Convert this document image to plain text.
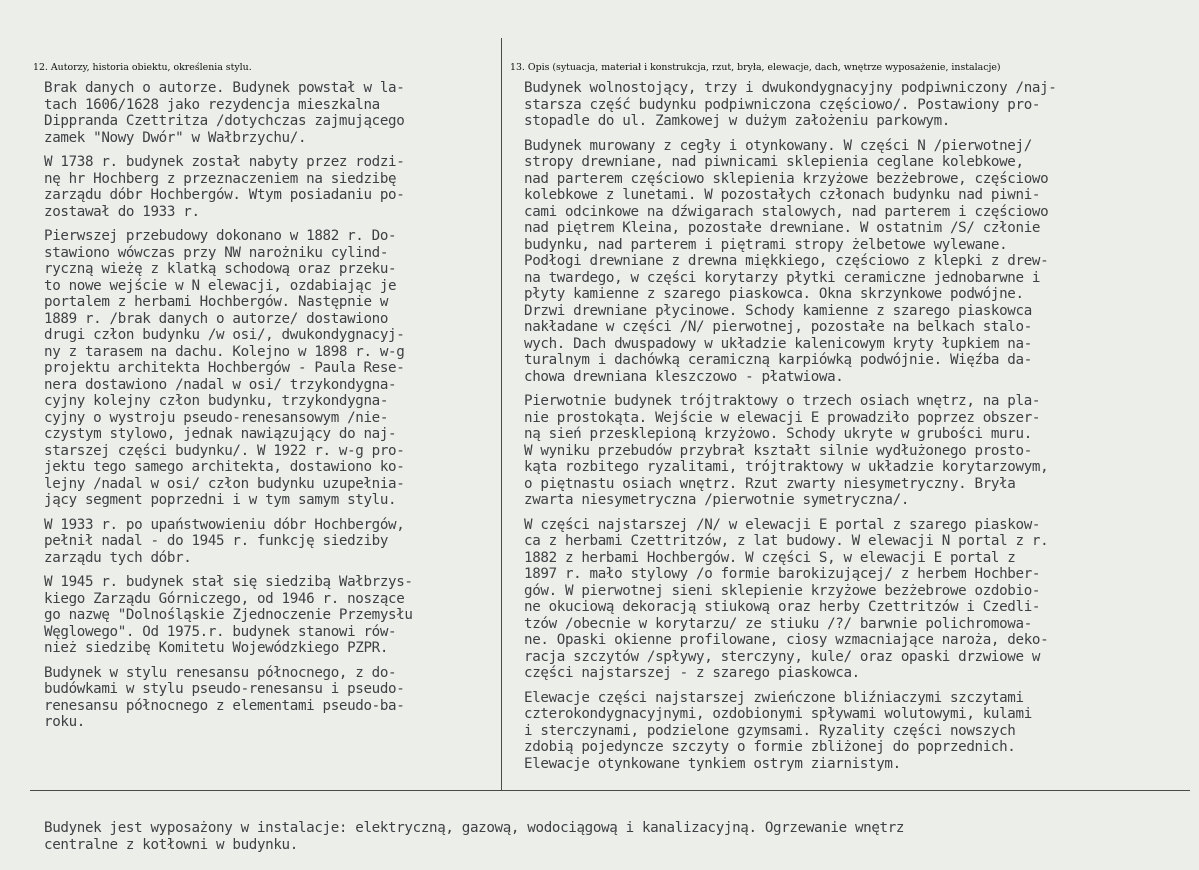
12. Autorzy, historia obiektu, określenia stylu.	13. Opis (sytuacja, materiał i konstrukcja, rzut, bryła, elewacje, dach, wnętrze wyposażenie, instalacje)
Brak danych o autorze. Budynek powstał w la-
tach 1606/1628 jako rezydencja mieszkalna
Dippranda Czettritza /dotychczas zajmującego
zamek "Nowy Dwór" w Wałbrzychu/.
W 1738 r. budynek został nabyty przez rodzi-
nę hr Hochberg z przeznaczeniem na siedzibę
zarządu dóbr Hochbergów. Wtym posiadaniu po-
zostawał do 1933 r.
Pierwszej przebudowy dokonano w 1882 r. Do-
stawiono wówczas przy NW narożniku cylind-
ryczną wieżę z klatką schodową oraz przeku-
to nowe wejście w N elewacji, ozdabiając je
portalem z herbami Hochbergów. Następnie w
1889 r. /brak danych o autorze/ dostawiono
drugi człon budynku /w osi/, dwukondygnacyj-
ny z tarasem na dachu. Kolejno w 1898 r. w-g
projektu architekta Hochbergów - Paula Rese-
nera dostawiono /nadal w osi/ trzykondygna-
cyjny kolejny człon budynku, trzykondygna-
cyjny o wystroju pseudo-renesansowym /nie-
czystym stylowo, jednak nawiązujący do naj-
starszej części budynku/. W 1922 r. w-g pro-
jektu tego samego architekta, dostawiono ko-
lejny /nadal w osi/ człon budynku uzupełnia-
jący segment poprzedni i w tym samym stylu.
W 1933 r. po upaństwowieniu dóbr Hochbergów,
pełnił nadal - do 1945 r. funkcję siedziby
zarządu tych dóbr.
W 1945 r. budynek stał się siedzibą Wałbrzys-
kiego Zarządu Górniczego, od 1946 r. noszące
go nazwę "Dolnośląskie Zjednoczenie Przemysłu
Węglowego". Od 1975.r. budynek stanowi rów-
nież siedzibę Komitetu Wojewódzkiego PZPR.
Budynek w stylu renesansu północnego, z do-
budówkami w stylu pseudo-renesansu i pseudo-
renesansu północnego z elementami pseudo-ba-
roku.
Budynek wolnostojący, trzy i dwukondygnacyjny podpiwniczony /naj-
starsza część budynku podpiwniczona częściowo/. Postawiony pro-
stopadle do ul. Zamkowej w dużym założeniu parkowym.
Budynek murowany z cegły i otynkowany. W części N /pierwotnej/
stropy drewniane, nad piwnicami sklepienia ceglane kolebkowe,
nad parterem częściowo sklepienia krzyżowe bezżebrowe, częściowo
kolebkowe z lunetami. W pozostałych członach budynku nad piwni-
cami odcinkowe na dźwigarach stalowych, nad parterem i częściowo
nad piętrem Kleina, pozostałe drewniane. W ostatnim /S/ członie
budynku, nad parterem i piętrami stropy żelbetowe wylewane.
Podłogi drewniane z drewna miękkiego, częściowo z klepki z drew-
na twardego, w części korytarzy płytki ceramiczne jednobarwne i
płyty kamienne z szarego piaskowca. Okna skrzynkowe podwójne.
Drzwi drewniane płycinowe. Schody kamienne z szarego piaskowca
nakładane w części /N/ pierwotnej, pozostałe na belkach stalo-
wych. Dach dwuspadowy w układzie kalenicowym kryty łupkiem na-
turalnym i dachówką ceramiczną karpiówką podwójnie. Więźba da-
chowa drewniana kleszczowo - płatwiowa.
Pierwotnie budynek trójtraktowy o trzech osiach wnętrz, na pla-
nie prostokąta. Wejście w elewacji E prowadziło poprzez obszer-
ną sień przesklepioną krzyżowo. Schody ukryte w grubości muru.
W wyniku przebudów przybrał kształt silnie wydłużonego prosto-
kąta rozbitego ryzalitami, trójtraktowy w układzie korytarzowym,
o piętnastu osiach wnętrz. Rzut zwarty niesymetryczny. Bryła
zwarta niesymetryczna /pierwotnie symetryczna/.
W części najstarszej /N/ w elewacji E portal z szarego piaskow-
ca z herbami Czettritzów, z lat budowy. W elewacji N portal z r.
1882 z herbami Hochbergów. W części S, w elewacji E portal z
1897 r. mało stylowy /o formie barokizującej/ z herbem Hochber-
gów. W pierwotnej sieni sklepienie krzyżowe bezżebrowe ozdobio-
ne okuciową dekoracją stiukową oraz herby Czettritzów i Czedli-
tzów /obecnie w korytarzu/ ze stiuku /?/ barwnie polichromowa-
ne. Opaski okienne profilowane, ciosy wzmacniające naroża, deko-
racja szczytów /spływy, sterczyny, kule/ oraz opaski drzwiowe w
części najstarszej - z szarego piaskowca.
Elewacje części najstarszej zwieńczone bliźniaczymi szczytami
czterokondygnacyjnymi, ozdobionymi spływami wolutowymi, kulami
i sterczynami, podzielone gzymsami. Ryzality części nowszych
zdobią pojedyncze szczyty o formie zbliżonej do poprzednich.
Elewacje otynkowane tynkiem ostrym ziarnistym.
Budynek jest wyposażony w instalacje: elektryczną, gazową, wodociągową i kanalizacyjną. Ogrzewanie wnętrz
centralne z kotłowni w budynku.
